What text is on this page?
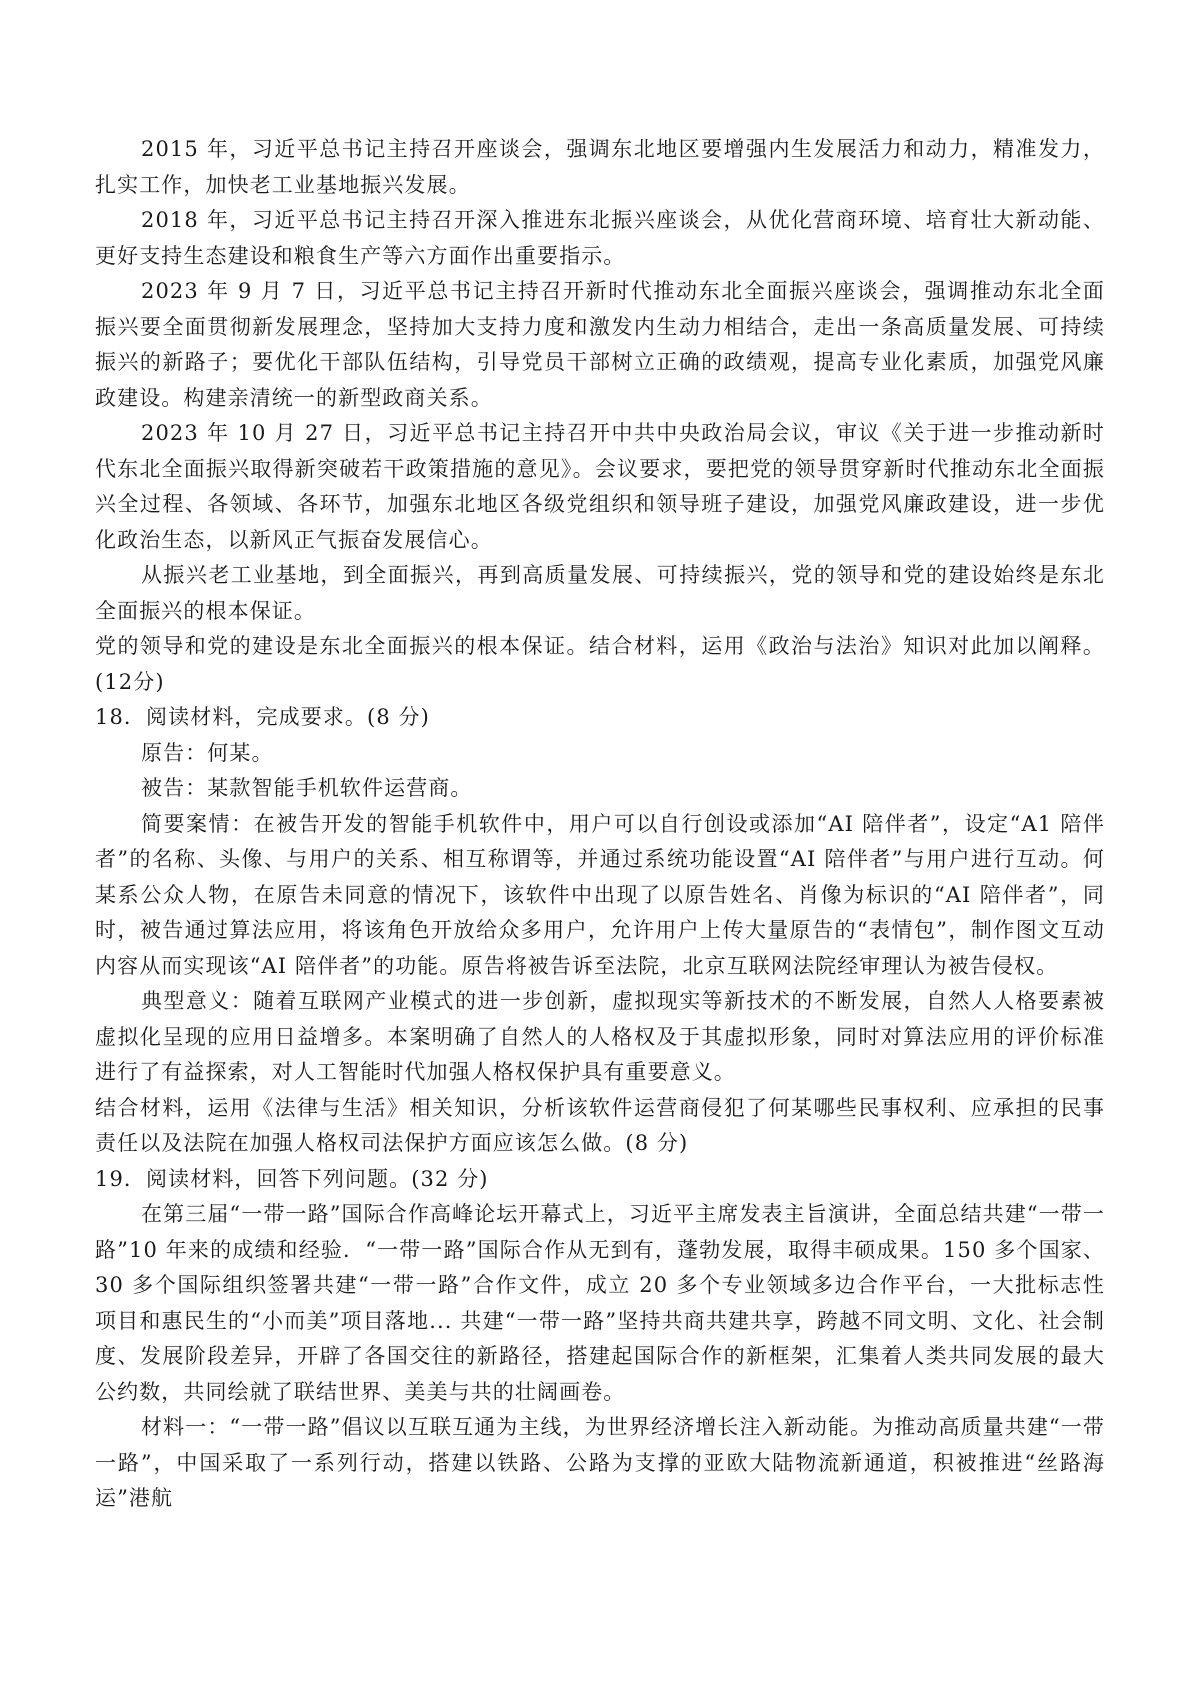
2015 年，习近平总书记主持召开座谈会，强调东北地区要增强内生发展活力和动力，精准发力，扎实工作，加快老工业基地振兴发展。

2018 年，习近平总书记主持召开深入推进东北振兴座谈会，从优化营商环境、培育壮大新动能、更好支持生态建设和粮食生产等六方面作出重要指示。

2023 年 9 月 7 日，习近平总书记主持召开新时代推动东北全面振兴座谈会，强调推动东北全面振兴要全面贯彻新发展理念，坚持加大支持力度和激发内生动力相结合，走出一条高质量发展、可持续振兴的新路子；要优化干部队伍结构，引导党员干部树立正确的政绩观，提高专业化素质，加强党风廉政建设。构建亲清统一的新型政商关系。

2023 年 10 月 27 日，习近平总书记主持召开中共中央政治局会议，审议《关于进一步推动新时代东北全面振兴取得新突破若干政策措施的意见》。会议要求，要把党的领导贯穿新时代推动东北全面振兴全过程、各领域、各环节，加强东北地区各级党组织和领导班子建设，加强党风廉政建设，进一步优化政治生态，以新风正气振奋发展信心。

从振兴老工业基地，到全面振兴，再到高质量发展、可持续振兴，党的领导和党的建设始终是东北全面振兴的根本保证。

党的领导和党的建设是东北全面振兴的根本保证。结合材料，运用《政治与法治》知识对此加以阐释。(12分)

18．阅读材料，完成要求。(8 分)

原告：何某。

被告：某款智能手机软件运营商。

简要案情：在被告开发的智能手机软件中，用户可以自行创设或添加“AI 陪伴者”，设定“A1 陪伴者”的名称、头像、与用户的关系、相互称谓等，并通过系统功能设置“AI 陪伴者”与用户进行互动。何某系公众人物，在原告未同意的情况下，该软件中出现了以原告姓名、肖像为标识的“AI 陪伴者”，同时，被告通过算法应用，将该角色开放给众多用户，允许用户上传大量原告的“表情包”，制作图文互动内容从而实现该“AI 陪伴者”的功能。原告将被告诉至法院，北京互联网法院经审理认为被告侵权。

典型意义：随着互联网产业模式的进一步创新，虚拟现实等新技术的不断发展，自然人人格要素被虚拟化呈现的应用日益增多。本案明确了自然人的人格权及于其虚拟形象，同时对算法应用的评价标准进行了有益探索，对人工智能时代加强人格权保护具有重要意义。

结合材料，运用《法律与生活》相关知识，分析该软件运营商侵犯了何某哪些民事权利、应承担的民事责任以及法院在加强人格权司法保护方面应该怎么做。(8 分)

19．阅读材料，回答下列问题。(32 分)

在第三届“一带一路”国际合作高峰论坛开幕式上，习近平主席发表主旨演讲，全面总结共建“一带一路”10 年来的成绩和经验．“一带一路”国际合作从无到有，蓬勃发展，取得丰硕成果。150 多个国家、30 多个国际组织签署共建“一带一路”合作文件，成立 20 多个专业领域多边合作平台，一大批标志性项目和惠民生的“小而美”项目落地... 共建“一带一路”坚持共商共建共享，跨越不同文明、文化、社会制度、发展阶段差异，开辟了各国交往的新路径，搭建起国际合作的新框架，汇集着人类共同发展的最大公约数，共同绘就了联结世界、美美与共的壮阔画卷。

材料一：“一带一路”倡议以互联互通为主线，为世界经济增长注入新动能。为推动高质量共建“一带一路”，中国采取了一系列行动，搭建以铁路、公路为支撑的亚欧大陆物流新通道，积被推进“丝路海运”港航
